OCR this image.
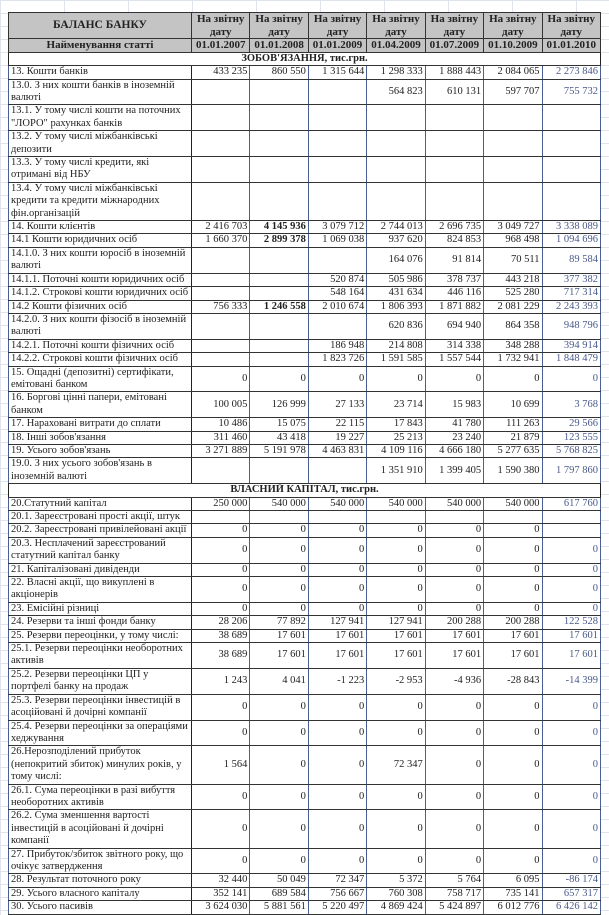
БАЛАНС БАНКУ	На звітну дату	На звітну дату	На звітну дату	На звітну дату	На звітну дату	На звітну дату	На звітну дату
Найменування статті	01.01.2007	01.01.2008	01.01.2009	01.04.2009	01.07.2009	01.10.2009	01.01.2010
ЗОБОВ'ЯЗАННЯ, тис.грн.							
13. Кошти банків	433 235	860 550	1 315 644	1 298 333	1 888 443	2 084 065	2 273 846
13.0. З них кошти банків в іноземній валюті				564 823	610 131	597 707	755 732
13.1. У тому числі кошти на поточних "ЛОРО" рахунках банків							
13.2. У тому числі міжбанківські депозити							
13.3. У тому числі кредити, які отримані від НБУ							
13.4. У тому числі міжбанківські кредити та кредити міжнародних фін.організацій							
14. Кошти клієнтів	2 416 703	4 145 936	3 079 712	2 744 013	2 696 735	3 049 727	3 338 089
14.1 Кошти юридичних осіб	1 660 370	2 899 378	1 069 038	937 620	824 853	968 498	1 094 696
14.1.0. З них кошти юросіб в іноземній валюті				164 076	91 814	70 511	89 584
14.1.1. Поточні кошти юридичних осіб			520 874	505 986	378 737	443 218	377 382
14.1.2. Строкові кошти юридичних осіб			548 164	431 634	446 116	525 280	717 314
14.2 Кошти фізичних осіб	756 333	1 246 558	2 010 674	1 806 393	1 871 882	2 081 229	2 243 393
14.2.0. З них кошти фізосіб в іноземній валюті				620 836	694 940	864 358	948 796
14.2.1. Поточні кошти фізичних осіб			186 948	214 808	314 338	348 288	394 914
14.2.2. Строкові кошти фізичних осіб			1 823 726	1 591 585	1 557 544	1 732 941	1 848 479
15. Ощадні (депозитні) сертифікати, емітовані банком	0	0	0	0	0	0	0
16. Боргові цінні папери, емітовані банком	100 005	126 999	27 133	23 714	15 983	10 699	3 768
17. Нараховані витрати до сплати	10 486	15 075	22 115	17 843	41 780	111 263	29 566
18. Інші зобов'язання	311 460	43 418	19 227	25 213	23 240	21 879	123 555
19. Усього зобов'язань	3 271 889	5 191 978	4 463 831	4 109 116	4 666 180	5 277 635	5 768 825
19.0. З них усього зобов'язань в іноземній валюті				1 351 910	1 399 405	1 590 380	1 797 860
ВЛАСНИЙ КАПІТАЛ, тис.грн.							
20.Статутний капітал	250 000	540 000	540 000	540 000	540 000	540 000	617 760
20.1. Зареєстровані прості акції, штук							
20.2. Зареєстровані привілейовані акції	0	0	0	0	0	0	
20.3. Несплачений зареєстрований статутний капітал банку	0	0	0	0	0	0	0
21. Капіталізовані дивіденди	0	0	0	0	0	0	0
22. Власні акції, що викуплені в акціонерів	0	0	0	0	0	0	0
23. Емісійні різниці	0	0	0	0	0	0	0
24. Резерви та інші фонди банку	28 206	77 892	127 941	127 941	200 288	200 288	122 528
25. Резерви переоцінки, у тому числі:	38 689	17 601	17 601	17 601	17 601	17 601	17 601
25.1. Резерви переоцінки необоротних активів	38 689	17 601	17 601	17 601	17 601	17 601	17 601
25.2. Резерви переоцінки ЦП у портфелі банку на продаж	1 243	4 041	-1 223	-2 953	-4 936	-28 843	-14 399
25.3. Резерви переоцінки інвестицій в асоційовані й дочірні компанії	0	0	0	0	0	0	0
25.4. Резерви переоцінки за операціями хеджування	0	0	0	0	0	0	0
26.Нерозподілений прибуток (непокритий збиток) минулих років, у тому числі:	1 564	0	0	72 347	0	0	0
26.1. Сума переоцінки в разі вибуття необоротних активів	0	0	0	0	0	0	0
26.2. Сума зменшення вартості інвестицій в асоційовані й дочірні компанії	0	0	0	0	0	0	0
27. Прибуток/збиток звітного року, що очікує затвердження	0	0	0	0	0	0	0
28. Результат поточного року	32 440	50 049	72 347	5 372	5 764	6 095	-86 174
29. Усього власного капіталу	352 141	689 584	756 667	760 308	758 717	735 141	657 317
30. Усього пасивів	3 624 030	5 881 561	5 220 497	4 869 424	5 424 897	6 012 776	6 426 142
